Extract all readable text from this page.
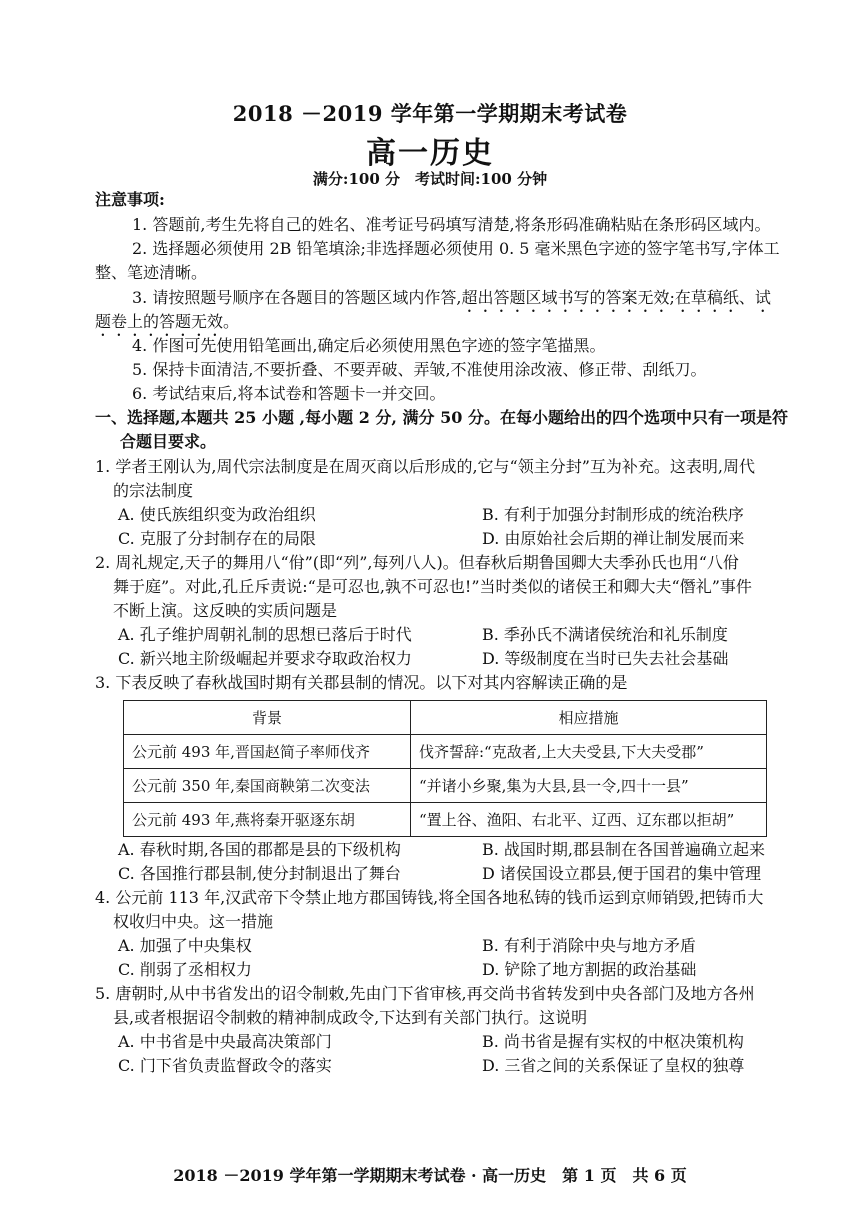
2018 －2019 学年第一学期期末考试卷
高一历史
满分:100 分　考试时间:100 分钟
注意事项:
1. 答题前,考生先将自己的姓名、准考证号码填写清楚,将条形码准确粘贴在条形码区域内。
2. 选择题必须使用 2B 铅笔填涂;非选择题必须使用 0. 5 毫米黑色字迹的签字笔书写,字体工
整、笔迹清晰。
3. 请按照题号顺序在各题目的答题区域内作答,超出答题区域书写的答案无效;在草稿纸、试
题卷上的答题无效。
4. 作图可先使用铅笔画出,确定后必须使用黑色字迹的签字笔描黑。
5. 保持卡面清洁,不要折叠、不要弄破、弄皱,不准使用涂改液、修正带、刮纸刀。
6. 考试结束后,将本试卷和答题卡一并交回。
一、选择题,本题共 25 小题 ,每小题 2 分, 满分 50 分。在每小题给出的四个选项中只有一项是符
合题目要求。
1. 学者王刚认为,周代宗法制度是在周灭商以后形成的,它与“领主分封”互为补充。这表明,周代
的宗法制度
A. 使氏族组织变为政治组织	B. 有利于加强分封制形成的统治秩序
C. 克服了分封制存在的局限	D. 由原始社会后期的禅让制发展而来
2. 周礼规定,天子的舞用八“佾”(即“列”,每列八人)。但春秋后期鲁国卿大夫季孙氏也用“八佾
舞于庭”。对此,孔丘斥责说:“是可忍也,孰不可忍也!”当时类似的诸侯王和卿大夫“僭礼”事件
不断上演。这反映的实质问题是
A. 孔子维护周朝礼制的思想已落后于时代	B. 季孙氏不满诸侯统治和礼乐制度
C. 新兴地主阶级崛起并要求夺取政治权力	D. 等级制度在当时已失去社会基础
3. 下表反映了春秋战国时期有关郡县制的情况。以下对其内容解读正确的是
背景	相应措施
公元前 493 年,晋国赵简子率师伐齐	伐齐誓辞:“克敌者,上大夫受县,下大夫受郡”
公元前 350 年,秦国商鞅第二次变法	“并诸小乡聚,集为大县,县一令,四十一县”
公元前 493 年,燕将秦开驱逐东胡	“置上谷、渔阳、右北平、辽西、辽东郡以拒胡”
A. 春秋时期,各国的郡都是县的下级机构	B. 战国时期,郡县制在各国普遍确立起来
C. 各国推行郡县制,使分封制退出了舞台	D 诸侯国设立郡县,便于国君的集中管理
4. 公元前 113 年,汉武帝下令禁止地方郡国铸钱,将全国各地私铸的钱币运到京师销毁,把铸币大
权收归中央。这一措施
A. 加强了中央集权	B. 有利于消除中央与地方矛盾
C. 削弱了丞相权力	D. 铲除了地方割据的政治基础
5. 唐朝时,从中书省发出的诏令制敕,先由门下省审核,再交尚书省转发到中央各部门及地方各州
县,或者根据诏令制敕的精神制成政令,下达到有关部门执行。这说明
A. 中书省是中央最高决策部门	B. 尚书省是握有实权的中枢决策机构
C. 门下省负责监督政令的落实	D. 三省之间的关系保证了皇权的独尊
2018 －2019 学年第一学期期末考试卷 · 高一历史　第 1 页　共 6 页
